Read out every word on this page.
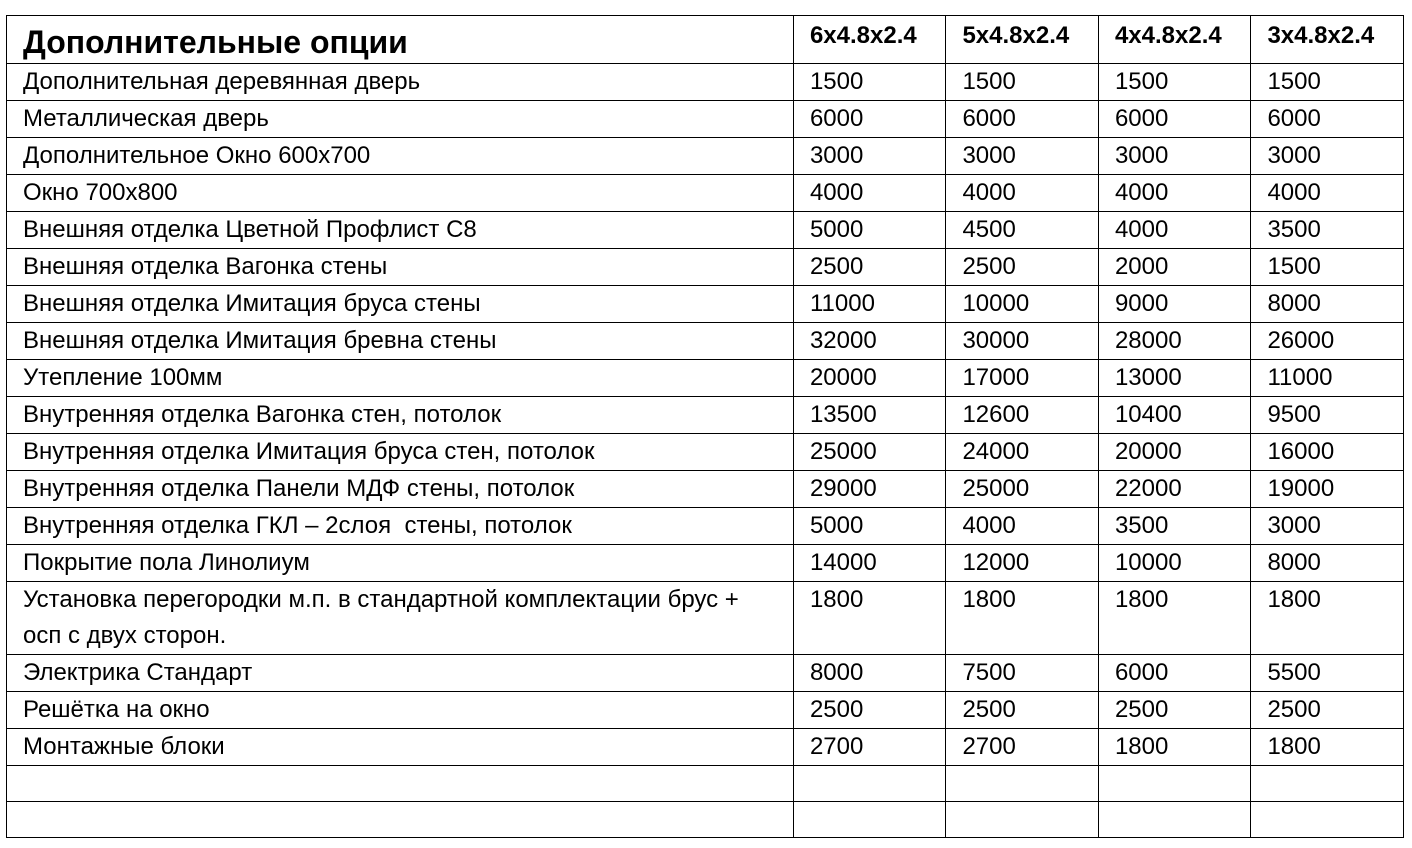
Дополнительные опции	6x4.8x2.4	5x4.8x2.4	4x4.8x2.4	3x4.8x2.4
Дополнительная деревянная дверь	1500	1500	1500	1500
Металлическая дверь	6000	6000	6000	6000
Дополнительное Окно 600х700	3000	3000	3000	3000
Окно 700х800	4000	4000	4000	4000
Внешняя отделка Цветной Профлист С8	5000	4500	4000	3500
Внешняя отделка Вагонка стены	2500	2500	2000	1500
Внешняя отделка Имитация бруса стены	11000	10000	9000	8000
Внешняя отделка Имитация бревна стены	32000	30000	28000	26000
Утепление 100мм	20000	17000	13000	11000
Внутренняя отделка Вагонка стен, потолок	13500	12600	10400	9500
Внутренняя отделка Имитация бруса стен, потолок	25000	24000	20000	16000
Внутренняя отделка Панели МДФ стены, потолок	29000	25000	22000	19000
Внутренняя отделка ГКЛ – 2слоя  стены, потолок	5000	4000	3500	3000
Покрытие пола Линолиум	14000	12000	10000	8000
Установка перегородки м.п. в стандартной комплектации брус + осп с двух сторон.	1800	1800	1800	1800
Электрика Стандарт	8000	7500	6000	5500
Решётка на окно	2500	2500	2500	2500
Монтажные блоки	2700	2700	1800	1800
